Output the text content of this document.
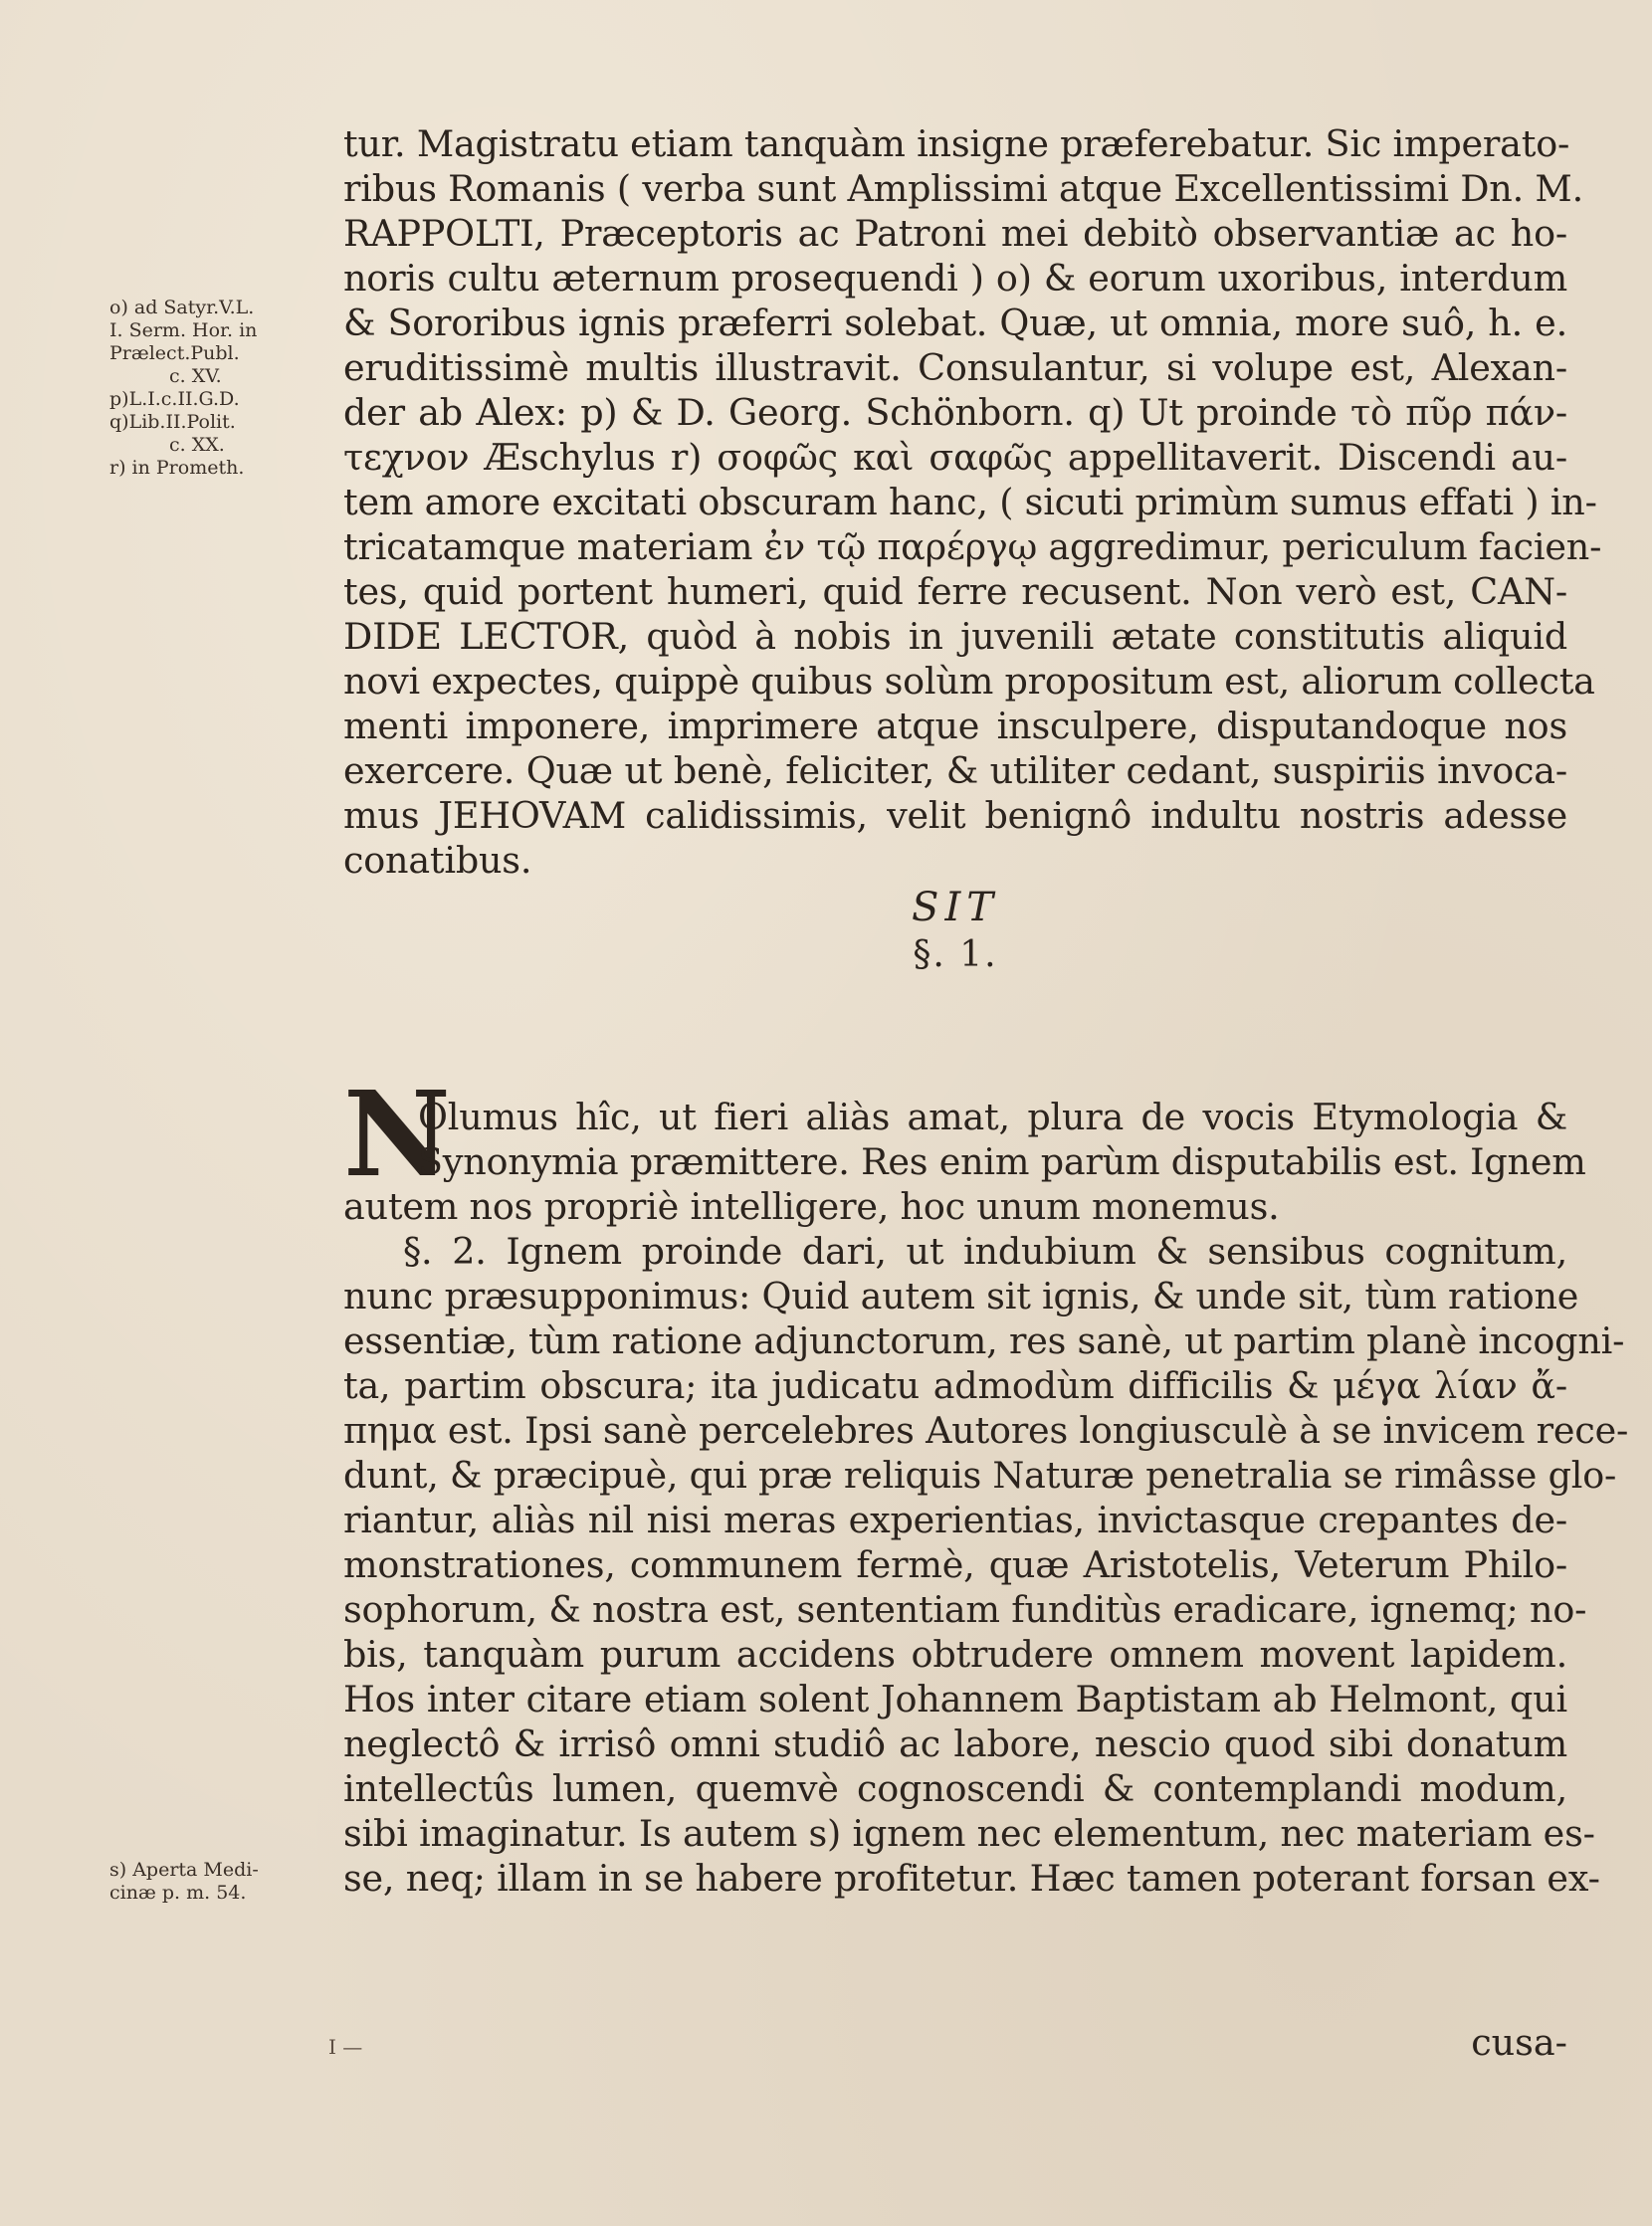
o) ad Satyr.V.L.
I. Serm. Hor. in
Prælect.Publ.
c. XV.
p)L.I.c.II.G.D.
q)Lib.II.Polit.
c. XX.
r) in Prometh.
s) Aperta Medi-
cinæ p. m. 54.
tur. Magistratu etiam tanquàm insigne præferebatur. Sic imperato-
ribus Romanis ( verba sunt Amplissimi atque Excellentissimi Dn. M.
RAPPOLTI, Præceptoris ac Patroni mei debitò observantiæ ac ho-
noris cultu æternum prosequendi ) o) & eorum uxoribus, interdum
& Sororibus ignis præferri solebat. Quæ, ut omnia, more suô, h. e.
eruditissimè multis illustravit. Consulantur, si volupe est, Alexan-
der ab Alex: p) & D. Georg. Schönborn. q) Ut proinde τὸ πῦρ πάν-
τεχνον Æschylus r) σοφῶς καὶ σαφῶς appellitaverit. Discendi au-
tem amore excitati obscuram hanc, ( sicuti primùm sumus effati ) in-
tricatamque materiam ἐν τῷ παρέργῳ aggredimur, periculum facien-
tes, quid portent humeri, quid ferre recusent. Non verò est, CAN-
DIDE LECTOR, quòd à nobis in juvenili ætate constitutis aliquid
novi expectes, quippè quibus solùm propositum est, aliorum collecta
menti imponere, imprimere atque insculpere, disputandoque nos
exercere. Quæ ut benè, feliciter, & utiliter cedant, suspiriis invoca-
mus JEHOVAM calidissimis, velit benignô indultu nostris adesse
conatibus.
SIT
§. 1.
N
Olumus hîc, ut fieri aliàs amat, plura de vocis Etymologia &
Synonymia præmittere. Res enim parùm disputabilis est. Ignem
autem nos propriè intelligere, hoc unum monemus.
§. 2. Ignem proinde dari, ut indubium & sensibus cognitum,
nunc præsupponimus: Quid autem sit ignis, & unde sit, tùm ratione
essentiæ, tùm ratione adjunctorum, res sanè, ut partim planè incogni-
ta, partim obscura; ita judicatu admodùm difficilis & μέγα λίαν ἄ-
πημα est. Ipsi sanè percelebres Autores longiusculè à se invicem rece-
dunt, & præcipuè, qui præ reliquis Naturæ penetralia se rimâsse glo-
riantur, aliàs nil nisi meras experientias, invictasque crepantes de-
monstrationes, communem fermè, quæ Aristotelis, Veterum Philo-
sophorum, & nostra est, sententiam funditùs eradicare, ignemq; no-
bis, tanquàm purum accidens obtrudere omnem movent lapidem.
Hos inter citare etiam solent Johannem Baptistam ab Helmont, qui
neglectô & irrisô omni studiô ac labore, nescio quod sibi donatum
intellectûs lumen, quemvè cognoscendi & contemplandi modum,
sibi imaginatur. Is autem s) ignem nec elementum, nec materiam es-
se, neq; illam in se habere profitetur. Hæc tamen poterant forsan ex-
cusa-
I —
